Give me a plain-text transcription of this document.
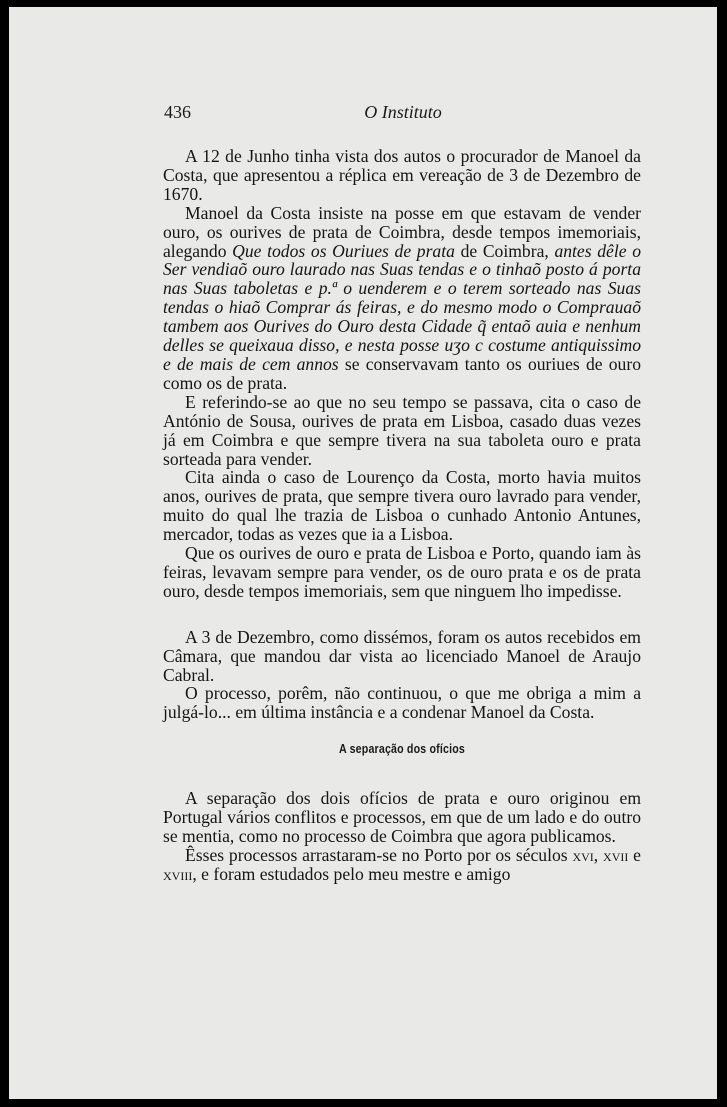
436	O Instituto

A 12 de Junho tinha vista dos autos o procurador de Manoel da Costa, que apresentou a réplica em vereação de 3 de Dezembro de 1670.

Manoel da Costa insiste na posse em que estavam de vender ouro, os ourives de prata de Coimbra, desde tempos imemoriais, alegando Que todos os Ouriues de prata de Coimbra, antes dêle o Ser vendiaõ ouro laurado nas Suas tendas e o tinhaõ posto á porta nas Suas taboletas e p.ª o uenderem e o terem sorteado nas Suas tendas o hiaõ Comprar ás feiras, e do mesmo modo o Comprauaõ tambem aos Ourives do Ouro desta Cidade q̃ entaõ auia e nenhum delles se queixaua disso, e nesta posse uʒo c costume antiquissimo e de mais de cem annos se conservavam tanto os ouriues de ouro como os de prata.

E referindo-se ao que no seu tempo se passava, cita o caso de António de Sousa, ourives de prata em Lisboa, casado duas vezes já em Coimbra e que sempre tivera na sua taboleta ouro e prata sorteada para vender.

Cita ainda o caso de Lourenço da Costa, morto havia muitos anos, ourives de prata, que sempre tivera ouro lavrado para vender, muito do qual lhe trazia de Lisboa o cunhado Antonio Antunes, mercador, todas as vezes que ia a Lisboa.

Que os ourives de ouro e prata de Lisboa e Porto, quando iam às feiras, levavam sempre para vender, os de ouro prata e os de prata ouro, desde tempos imemoriais, sem que ninguem lho impedisse.

A 3 de Dezembro, como dissémos, foram os autos recebidos em Câmara, que mandou dar vista ao licenciado Manoel de Araujo Cabral.

O processo, porêm, não continuou, o que me obriga a mim a julgá-lo... em última instância e a condenar Manoel da Costa.

A separação dos ofícios

A separação dos dois ofícios de prata e ouro originou em Portugal vários conflitos e processos, em que de um lado e do outro se mentia, como no processo de Coimbra que agora publicamos.

Êsses processos arrastaram-se no Porto por os séculos xvi, xvii e xviii, e foram estudados pelo meu mestre e amigo
